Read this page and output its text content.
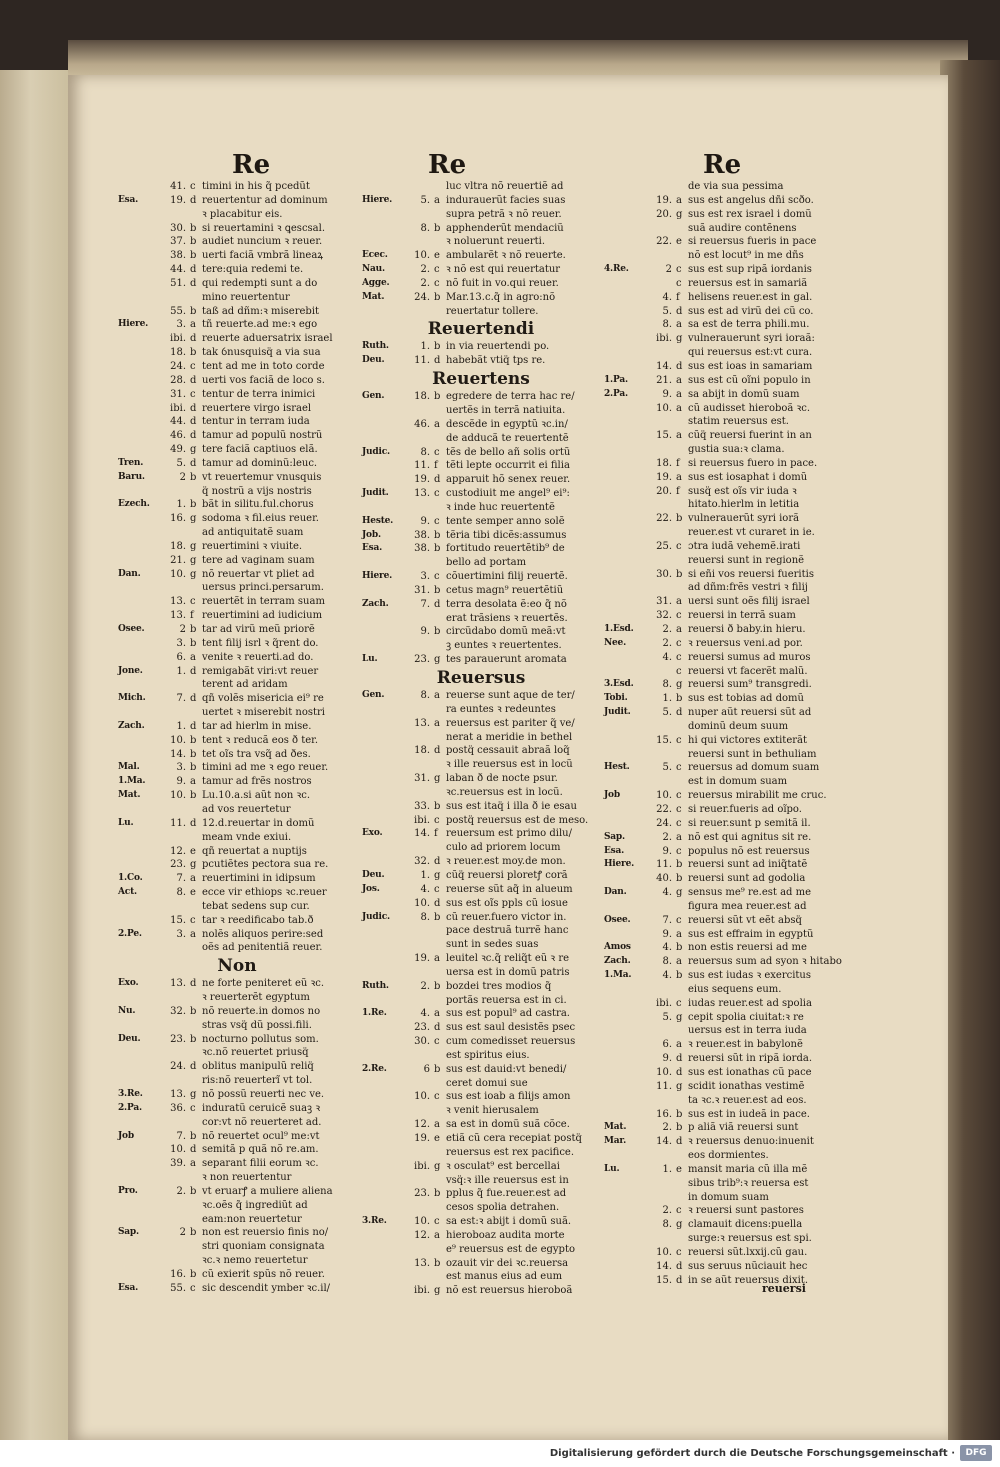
Re	Re	Re
41. c timini in his q̃ pcedũt
Esa.	19. d reuertentur ad dominum
ꝛ placabitur eis.
30. b si reuertamini ꝛ ꝗescsal.
37. b audiet nuncium ꝛ reuer.
38. b uerti faciã vmbrã lineaꝝ
44. d tere:quia redemi te.
51. d qui redempti sunt a do
mino reuertentur
55. b taß ad dñm:ꝛ miserebit
Hiere.	3. a tñ reuerte.ad me:ꝛ ego
ibi. d reuerte aduersatrix israel
18. b tak ỽnusquisq̈ a via sua
24. c tent ad me in toto corde
28. d uerti vos faciã de loco s.
31. c tentur de terra inimici
ibi. d reuertere virgo israel
44. d tentur in terram iuda
46. d tamur ad populũ nostrũ
49. g tere faciã captiuos elã.
Tren.	5. d tamur ad dominũ:leuc.
Baru.	2 b vt reuertemur vnusquis
q̈ nostrũ a vijs nostris
Ezech.	1. b bãt in silitu.ful.chorus
16. g sodoma ꝛ fil.eius reuer.
ad antiquitatẽ suam
18. g reuertimini ꝛ viuite.
21. g tere ad vaginam suam
Dan.	10. g nõ reuertar vt pliet ad
uersus princi.persarum.
13. c reuertẽt in terram suam
13. f reuertimini ad iudicium
Osee.	2 b tar ad virũ meũ priorẽ
3. b tent filij isrl ꝛ q̃rent do.
6. a venite ꝛ reuerti.ad do.
Jone.	1. d remigabãt viri:vt reuer
terent ad aridam
Mich.	7. d qñ volẽs misericia ei⁹ re
uertet ꝛ miserebit nostri
Zach.	1. d tar ad hierlm in mise.
10. b tent ꝛ reducã eos ð ter.
14. b tet oĩs tra vsq̃ ad ðes.
Mal.	3. b timini ad me ꝛ ego reuer.
1.Ma.	9. a tamur ad frẽs nostros
Mat.	10. b Lu.10.a.si aũt non ꝛc.
ad vos reuertetur
Lu.	11. d 12.d.reuertar in domũ
meam vnde exiui.
12. e qñ reuertat a nuptijs
23. g pcutiẽtes pectora sua re.
1.Co.	7. a reuertimini in idipsum
Act.	8. e ecce vir ethiops ꝛc.reuer
tebat sedens sup cur.
15. c tar ꝛ reedificabo tab.ð
2.Pe.	3. a nolẽs aliquos perire:sed
oẽs ad penitentiã reuer.
Non
Exo.	13. d ne forte peniteret eũ ꝛc.
ꝛ reuerterẽt egyptum
Nu.	32. b nõ reuerte.in domos no
stras vsq̈ dũ possi.fili.
Deu.	23. b nocturno pollutus som.
ꝛc.nõ reuertet priusq̈
24. d oblitus manipulũ reliq̈
ris:nõ reuerterĩ vt tol.
3.Re.	13. g nõ possũ reuerti nec ve.
2.Pa.	36. c induratũ ceruicẽ suaꝫ ꝛ
cor:vt nõ reuerteret ad.
Job	7. b nõ reuertet ocul⁹ me:vt
10. d semitã p quã nõ re.am.
39. a separant filii eorum ꝛc.
ꝛ non reuertentur
Pro.	2. b vt eruarꝭ a muliere aliena
ꝛc.oẽs q̃ ingrediũt ad
eam:non reuertetur
Sap.	2 b non est reuersio finis no/
stri quoniam consignata
ꝛc.ꝛ nemo reuertetur
16. b cũ exierit spũs nõ reuer.
Esa.	55. c sic descendit ymber ꝛc.il/
luc vltra nõ reuertiẽ ad
Hiere.	5. a indurauerũt facies suas
supra petrã ꝛ nõ reuer.
8. b apphenderũt mendaciũ
ꝛ noluerunt reuerti.
Ecec.	10. e ambularẽt ꝛ nõ reuerte.
Nau.	2. c ꝛ nõ est qui reuertatur
Agge.	2. c nõ fuit in vo.qui reuer.
Mat.	24. b Mar.13.c.q̃ in agro:nõ
reuertatur tollere.
Reuertendi
Ruth.	1. b in via reuertendi po.
Deu.	11. d habebãt vtiq̈ tps re.
Reuertens
Gen.	18. b egredere de terra hac re/
uertẽs in terrã natiuita.
46. a descẽde in egyptũ ꝛc.in/
de adducã te reuertentẽ
Judic.	8. c tẽs de bello añ solis ortũ
11. f tẽti lepte occurrit ei filia
19. d apparuit hõ senex reuer.
Judit.	13. c custodiuit me angel⁹ ei⁹:
ꝛ inde huc reuertentẽ
Heste.	9. c tente semper anno solẽ
Job.	38. b tẽria tibi dicẽs:assumus
Esa.	38. b fortitudo reuertẽtib⁹ de
bello ad portam
Hiere.	3. c cõuertimini filij reuertẽ.
31. b cetus magn⁹ reuertẽtiũ
Zach.	7. d terra desolata ẽ:eo q̃ nõ
erat trãsiens ꝛ reuertẽs.
9. b circũdabo domũ meã:vt
ꝫ euntes ꝛ reuertentes.
Lu.	23. g tes parauerunt aromata
Reuersus
Gen.	8. a reuerse sunt aque de ter/
ra euntes ꝛ redeuntes
13. a reuersus est pariter q̃ ve/
nerat a meridie in bethel
18. d postq̈ cessauit abraã loq̃
ꝛ ille reuersus est in locũ
31. g laban ð de nocte psur.
ꝛc.reuersus est in locũ.
33. b sus est itaq̈ i illa ð ie esau
ibi. c postq̈ reuersus est de meso.
Exo.	14. f reuersum est primo dilu/
culo ad priorem locum
32. d ꝛ reuer.est moy.de mon.
Deu.	1. g cũq̈ reuersi ploretꝭ corã
Jos.	4. c reuerse sũt aq̃ in alueum
10. d sus est oĩs ppls cũ iosue
Judic.	8. b cũ reuer.fuero victor in.
pace destruã turrẽ hanc
sunt in sedes suas
19. a leuitel ꝛc.q̃ reliq̃t eũ ꝛ re
uersa est in domũ patris
Ruth.	2. b bozdei tres modios q̃
portãs reuersa est in ci.
1.Re.	4. a sus est popul⁹ ad castra.
23. d sus est saul desistẽs psec
30. c cum comedisset reuersus
est spiritus eius.
2.Re.	6 b sus est dauid:vt benedi/
ceret domui sue
10. c sus est ioab a filijs amon
ꝛ venit hierusalem
12. a sa est in domũ suã cõce.
19. e etiã cũ cera recepiat postq̈
reuersus est rex pacifice.
ibi. g ꝛ osculat⁹ est bercellai
vsq̈:ꝛ ille reuersus est in
23. b pplus q̃ fue.reuer.est ad
cesos spolia detrahen.
3.Re.	10. c sa est:ꝛ abijt i domũ suã.
12. a hieroboaz audita morte
e⁹ reuersus est de egypto
13. b ozauit vir dei ꝛc.reuersa
est manus eius ad eum
ibi. g nõ est reuersus hieroboã
de via sua pessima
19. a sus est angelus dñi scðo.
20. g sus est rex israel i domũ
suã audire contẽnens
22. e si reuersus fueris in pace
nõ est locut⁹ in me dñs
4.Re.	2 c sus est sup ripã iordanis
c reuersus est in samariã
4. f helisens reuer.est in gal.
5. d sus est ad virũ dei cũ co.
8. a sa est de terra phili.mu.
ibi. g vulnerauerunt syri ioraã:
qui reuersus est:vt cura.
14. d sus est ioas in samariam
1.Pa.	21. a sus est cũ oĩni populo in
2.Pa.	9. a sa abijt in domũ suam
10. a cũ audisset hieroboã ꝛc.
statim reuersus est.
15. a cũq̈ reuersi fuerint in an
gustia sua:ꝛ clama.
18. f si reuersus fuero in pace.
19. a sus est iosaphat i domũ
20. f susq̈ est oĩs vir iuda ꝛ
hitato.hierlm in letitia
22. b vulnerauerũt syri iorã
reuer.est vt curaret in ie.
25. c ɔtra iudã vehemẽ.irati
reuersi sunt in regionẽ
30. b si eñi vos reuersi fueritis
ad dñm:frẽs vestri ꝛ filij
31. a uersi sunt oẽs filij israel
32. c reuersi in terrã suam
1.Esd.	2. a reuersi ð baby.in hieru.
Nee.	2. c ꝛ reuersus veni.ad por.
4. c reuersi sumus ad muros
c reuersi vt facerẽt malũ.
3.Esd.	8. g reuersi sum⁹ transgredi.
Tobi.	1. b sus est tobias ad domũ
Judit.	5. d nuper aũt reuersi sũt ad
dominũ deum suum
15. c hi qui victores extiterãt
reuersi sunt in bethuliam
Hest.	5. c reuersus ad domum suam
est in domum suam
Job	10. c reuersus mirabilit me cruc.
22. c si reuer.fueris ad oĩpo.
24. c si reuer.sunt p semitã il.
Sap.	2. a nõ est qui agnitus sit re.
Esa.	9. c populus nõ est reuersus
Hiere.	11. b reuersi sunt ad iniq̃tatẽ
40. b reuersi sunt ad godolia
Dan.	4. g sensus me⁹ re.est ad me
figura mea reuer.est ad
Osee.	7. c reuersi sũt vt eẽt absq̈
9. a sus est effraim in egyptũ
Amos	4. b non estis reuersi ad me
Zach.	8. a reuersus sum ad syon ꝛ hitabo
1.Ma.	4. b sus est iudas ꝛ exercitus
eius sequens eum.
ibi. c iudas reuer.est ad spolia
5. g cepit spolia ciuitat:ꝛ re
uersus est in terra iuda
6. a ꝛ reuer.est in babylonẽ
9. d reuersi sũt in ripã iorda.
10. d sus est ionathas cũ pace
11. g scidit ionathas vestimẽ
ta ꝛc.ꝛ reuer.est ad eos.
16. b sus est in iudeã in pace.
Mat.	2. b p aliã viã reuersi sunt
Mar.	14. d ꝛ reuersus denuo:inuenit
eos dormientes.
Lu.	1. e mansit maria cũ illa mẽ
sibus trib⁹:ꝛ reuersa est
in domum suam
2. c ꝛ reuersi sunt pastores
8. g clamauit dicens:puella
surge:ꝛ reuersus est spi.
10. c reuersi sũt.lxxij.cũ gau.
14. d sus seruus nũciauit hec
15. d in se aũt reuersus dixit.
reuersi
Digitalisierung gefördert durch die Deutsche Forschungsgemeinschaft ·	DFG
